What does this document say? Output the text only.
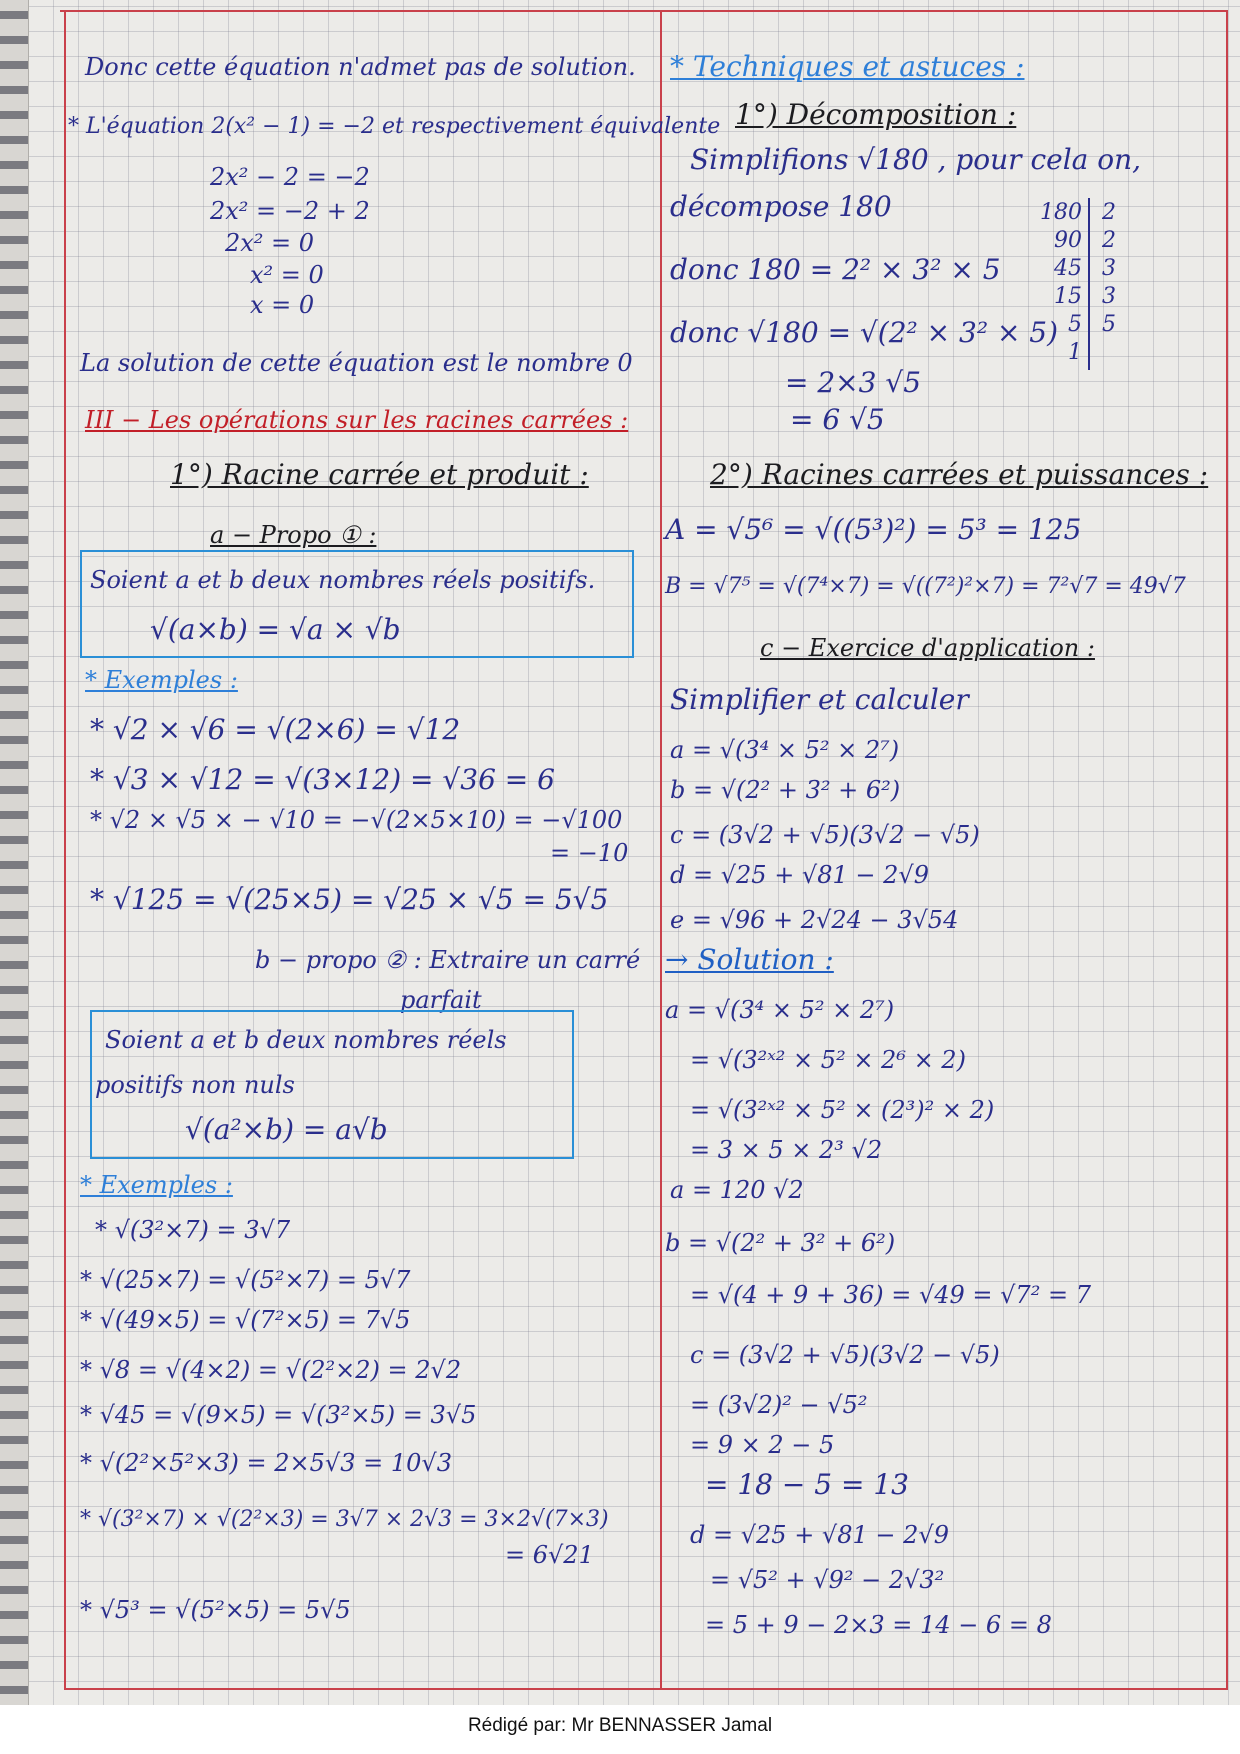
Donc cette équation n'admet pas de solution.
* L'équation 2(x² − 1) = −2 et respectivement équivalente
2x² − 2 = −2
2x² = −2 + 2
2x² = 0
x² = 0
x = 0
La solution de cette équation est le nombre 0
III − Les opérations sur les racines carrées :
1°) Racine carrée et produit :
a − Propo ① :
Soient a et b deux nombres réels positifs.
√(a×b) = √a × √b
* Exemples :
* √2 × √6 = √(2×6) = √12
* √3 × √12 = √(3×12) = √36 = 6
* √2 × √5 × − √10 = −√(2×5×10) = −√100
= −10
* √125 = √(25×5) = √25 × √5 = 5√5
b − propo ② : Extraire un carré
parfait
Soient a et b deux nombres réels
positifs non nuls
√(a²×b) = a√b
* Exemples :
* √(3²×7) = 3√7
* √(25×7) = √(5²×7) = 5√7
* √(49×5) = √(7²×5) = 7√5
* √8 = √(4×2) = √(2²×2) = 2√2
* √45 = √(9×5) = √(3²×5) = 3√5
* √(2²×5²×3) = 2×5√3 = 10√3
* √(3²×7) × √(2²×3) = 3√7 × 2√3 = 3×2√(7×3)
= 6√21
* √5³ = √(5²×5) = 5√5
* Techniques et astuces :
1°) Décomposition :
Simplifions √180 , pour cela on,
décompose 180
donc 180 = 2² × 3² × 5
donc √180 = √(2² × 3² × 5)
= 2×3 √5
= 6 √5
180 2
90 2
45 3
15 3
5 5
1
2°) Racines carrées et puissances :
A = √5⁶ = √((5³)²) = 5³ = 125
B = √7⁵ = √(7⁴×7) = √((7²)²×7) = 7²√7 = 49√7
c − Exercice d'application :
Simplifier et calculer
a = √(3⁴ × 5² × 2⁷)
b = √(2² + 3² + 6²)
c = (3√2 + √5)(3√2 − √5)
d = √25 + √81 − 2√9
e = √96 + 2√24 − 3√54
→ Solution :
a = √(3⁴ × 5² × 2⁷)
= √(3²ˣ² × 5² × 2⁶ × 2)
= √(3²ˣ² × 5² × (2³)² × 2)
= 3 × 5 × 2³ √2
a = 120 √2
b = √(2² + 3² + 6²)
= √(4 + 9 + 36) = √49 = √7² = 7
c = (3√2 + √5)(3√2 − √5)
= (3√2)² − √5²
= 9 × 2 − 5
= 18 − 5 = 13
d = √25 + √81 − 2√9
= √5² + √9² − 2√3²
= 5 + 9 − 2×3 = 14 − 6 = 8
Rédigé par: Mr BENNASSER Jamal
